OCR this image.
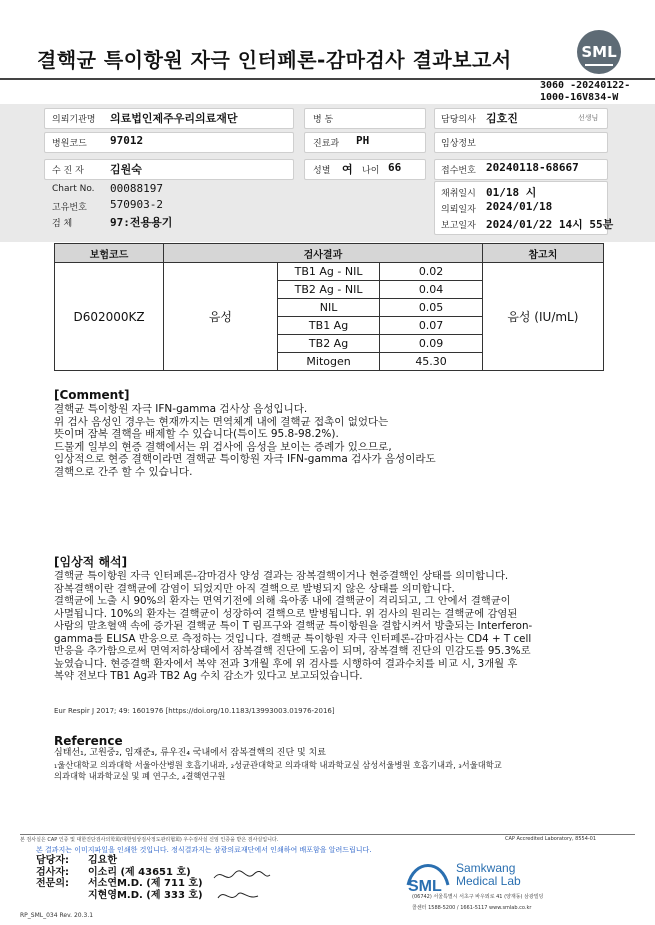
결핵균 특이항원 자극 인터페론-감마검사 결과보고서	SML
3060 -20240122-1000-16V834-W
의뢰기관명 의료법인제주우리의료재단	병 동	담당의사 김호진	선생님
병원코드 97012	진료과 PH	임상정보
수 진 자 김원숙	성별 여 나이 66	접수번호 20240118-68667
Chart No. 00088197
고유번호 570903-2
검 체	97:전용용기
채취일시 01/18 시
의뢰일자 2024/01/18
보고일자 2024/01/22 14시 55분
보험코드	검사결과			참고치
D602000KZ	음성	TB1 Ag - NIL	0.02	음성 (IU/mL)
		TB2 Ag - NIL	0.04	
		NIL	0.05	
		TB1 Ag	0.07	
		TB2 Ag	0.09	
		Mitogen	45.30	
[Comment]
결핵균 특이항원 자극 IFN-gamma 검사상 음성입니다.
위 검사 음성인 경우는 현재까지는 면역체계 내에 결핵균 접촉이 없었다는
뜻이며 잠복 결핵을 배제할 수 있습니다(특이도 95.8-98.2%).
드물게 일부의 현증 결핵에서는 위 검사에 음성을 보이는 증례가 있으므로,
임상적으로 현증 결핵이라면 결핵균 특이항원 자극 IFN-gamma 검사가 음성이라도
결핵으로 간주 할 수 있습니다.
[임상적 해석]
결핵균 특이항원 자극 인터페론-감마검사 양성 결과는 잠복결핵이거나 현증결핵인 상태를 의미합니다.
잠복결핵이란 결핵균에 감염이 되었지만 아직 결핵으로 발병되지 않은 상태를 의미합니다.
결핵균에 노출 시 90%의 환자는 면역기전에 의해 육아종 내에 결핵균이 격리되고, 그 안에서 결핵균이
사멸됩니다. 10%의 환자는 결핵균이 성장하여 결핵으로 발병됩니다. 위 검사의 원리는 결핵균에 감염된
사람의 말초혈액 속에 증가된 결핵균 특이 T 림프구와 결핵균 특이항원을 결합시켜서 방출되는 Interferon-
gamma를 ELISA 반응으로 측정하는 것입니다. 결핵균 특이항원 자극 인터페론-감마검사는 CD4 + T cell
반응을 추가함으로써 면역저하상태에서 잠복결핵 진단에 도움이 되며, 잠복결핵 진단의 민감도를 95.3%로
높였습니다. 현증결핵 환자에서 복약 전과 3개월 후에 위 검사를 시행하여 결과수치를 비교 시, 3개월 후
복약 전보다 TB1 Ag과 TB2 Ag 수치 감소가 있다고 보고되었습니다.
Eur Respir J 2017; 49: 1601976 [https://doi.org/10.1183/13993003.01976-2016]
Reference
심태선₁, 고원중₂, 임재준₃, 류우진₄ 국내에서 잠복결핵의 진단 및 치료
₁울산대학교 의과대학 서울아산병원 호흡기내과, ₂성균관대학교 의과대학 내과학교실 삼성서울병원 호흡기내과, ₃서울대학교
의과대학 내과학교실 및 폐 연구소, ₄결핵연구원
본 검사실은 CAP 인증 및 대한진단검사의학회(대한임상검사정도관리협회) 우수검사실 신임 인증을 받은 검사실입니다.	CAP Accredited Laboratory, 8554-01
본 결과지는 이미지파일을 인쇄한 것입니다. 정식결과지는 삼광의료재단에서 인쇄하여 배포함을 알려드립니다.
담당자: 김요한
검사자: 이소리 (제 43651 호)
전문의: 서소연M.D. (제 711 호)
지현영M.D. (제 333 호)	SML
Samkwang
Medical Lab
(06742) 서울특별시 서초구 바우뫼로 41 (양재동) 삼광빌딩
콜센터 1588-5200 / 1661-5117 www.smlab.co.kr
RP_SML_034 Rev. 20.3.1
